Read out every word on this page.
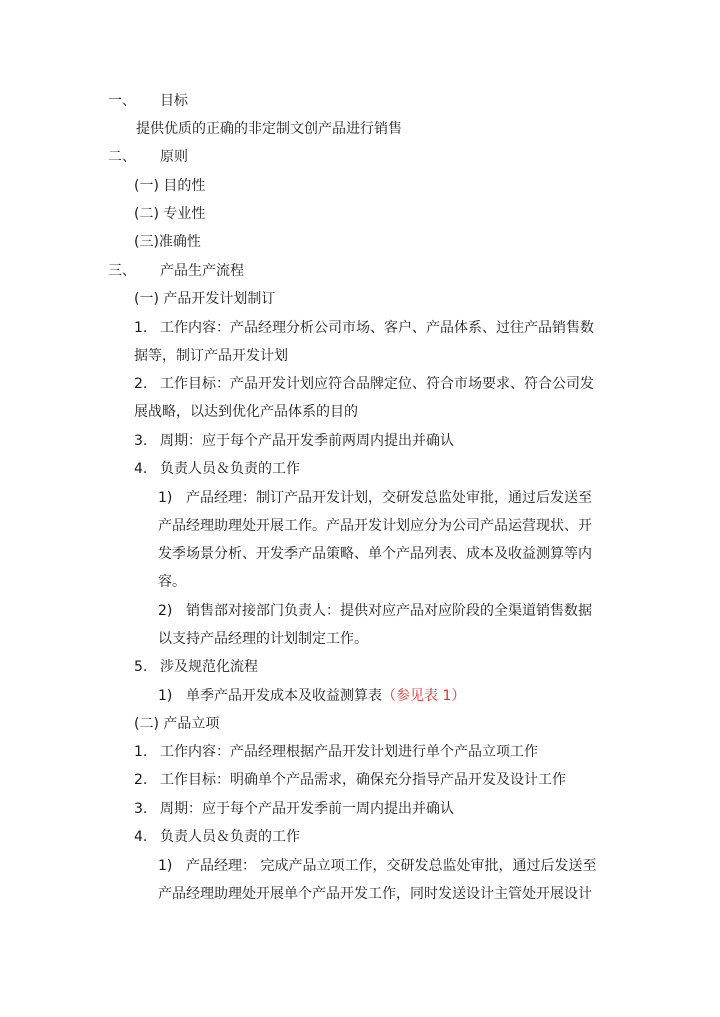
一、 目标
提供优质的正确的非定制文创产品进行销售
二、 原则
(一) 目的性
(二) 专业性
(三)准确性
三、 产品生产流程
(一) 产品开发计划制订
1. 工作内容：产品经理分析公司市场、客户、产品体系、过往产品销售数
据等，制订产品开发计划
2. 工作目标：产品开发计划应符合品牌定位、符合市场要求、符合公司发
展战略，以达到优化产品体系的目的
3. 周期：应于每个产品开发季前两周内提出并确认
4. 负责人员＆负责的工作
1) 产品经理：制订产品开发计划，交研发总监处审批，通过后发送至
产品经理助理处开展工作。产品开发计划应分为公司产品运营现状、开
发季场景分析、开发季产品策略、单个产品列表、成本及收益测算等内
容。
2) 销售部对接部门负责人：提供对应产品对应阶段的全渠道销售数据
以支持产品经理的计划制定工作。
5. 涉及规范化流程
1) 单季产品开发成本及收益测算表（参见表 1）
(二) 产品立项
1. 工作内容：产品经理根据产品开发计划进行单个产品立项工作
2. 工作目标：明确单个产品需求，确保充分指导产品开发及设计工作
3. 周期：应于每个产品开发季前一周内提出并确认
4. 负责人员＆负责的工作
1) 产品经理： 完成产品立项工作，交研发总监处审批，通过后发送至
产品经理助理处开展单个产品开发工作，同时发送设计主管处开展设计
